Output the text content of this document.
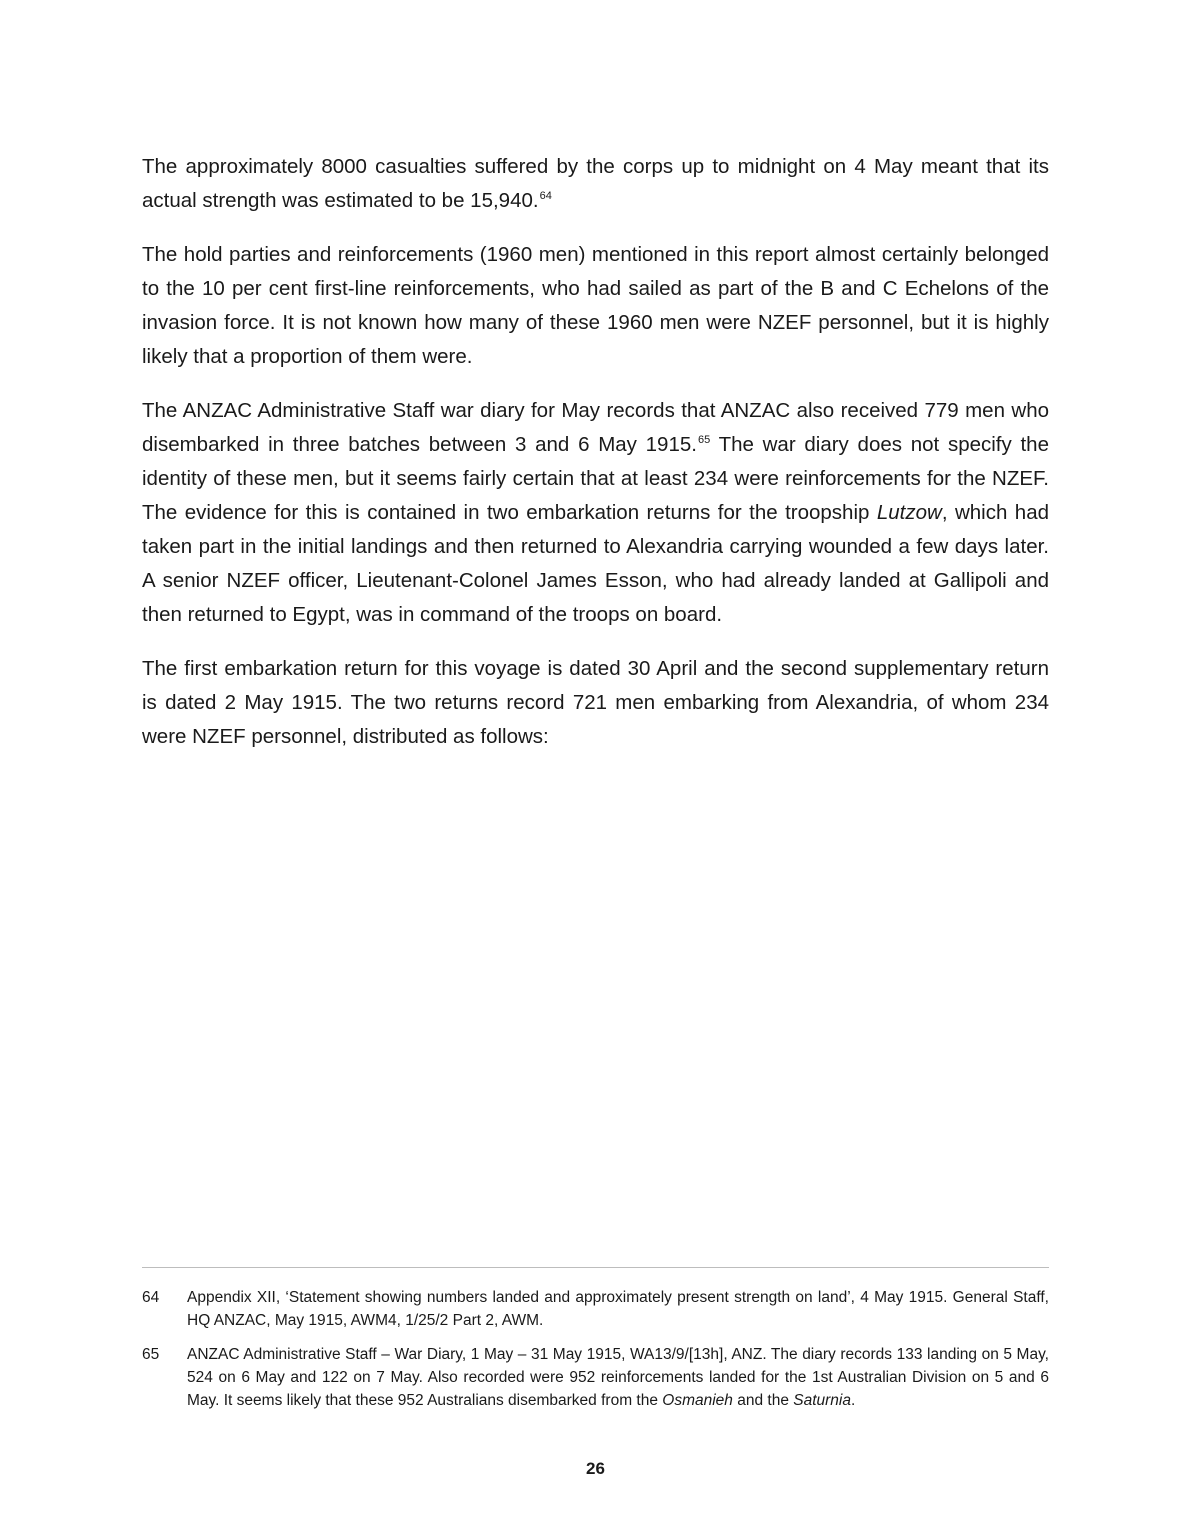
The approximately 8000 casualties suffered by the corps up to midnight on 4 May meant that its actual strength was estimated to be 15,940.64

The hold parties and reinforcements (1960 men) mentioned in this report almost certainly belonged to the 10 per cent first-line reinforcements, who had sailed as part of the B and C Echelons of the invasion force. It is not known how many of these 1960 men were NZEF personnel, but it is highly likely that a proportion of them were.

The ANZAC Administrative Staff war diary for May records that ANZAC also received 779 men who disembarked in three batches between 3 and 6 May 1915.65 The war diary does not specify the identity of these men, but it seems fairly certain that at least 234 were reinforcements for the NZEF. The evidence for this is contained in two embarkation returns for the troopship Lutzow, which had taken part in the initial landings and then returned to Alexandria carrying wounded a few days later. A senior NZEF officer, Lieutenant-Colonel James Esson, who had already landed at Gallipoli and then returned to Egypt, was in command of the troops on board.

The first embarkation return for this voyage is dated 30 April and the second supplementary return is dated 2 May 1915. The two returns record 721 men embarking from Alexandria, of whom 234 were NZEF personnel, distributed as follows:

64	Appendix XII, ‘Statement showing numbers landed and approximately present strength on land’, 4 May 1915. General Staff, HQ ANZAC, May 1915, AWM4, 1/25/2 Part 2, AWM.
65	ANZAC Administrative Staff – War Diary, 1 May – 31 May 1915, WA13/9/[13h], ANZ. The diary records 133 landing on 5 May, 524 on 6 May and 122 on 7 May. Also recorded were 952 reinforcements landed for the 1st Australian Division on 5 and 6 May. It seems likely that these 952 Australians disembarked from the Osmanieh and the Saturnia.
26
